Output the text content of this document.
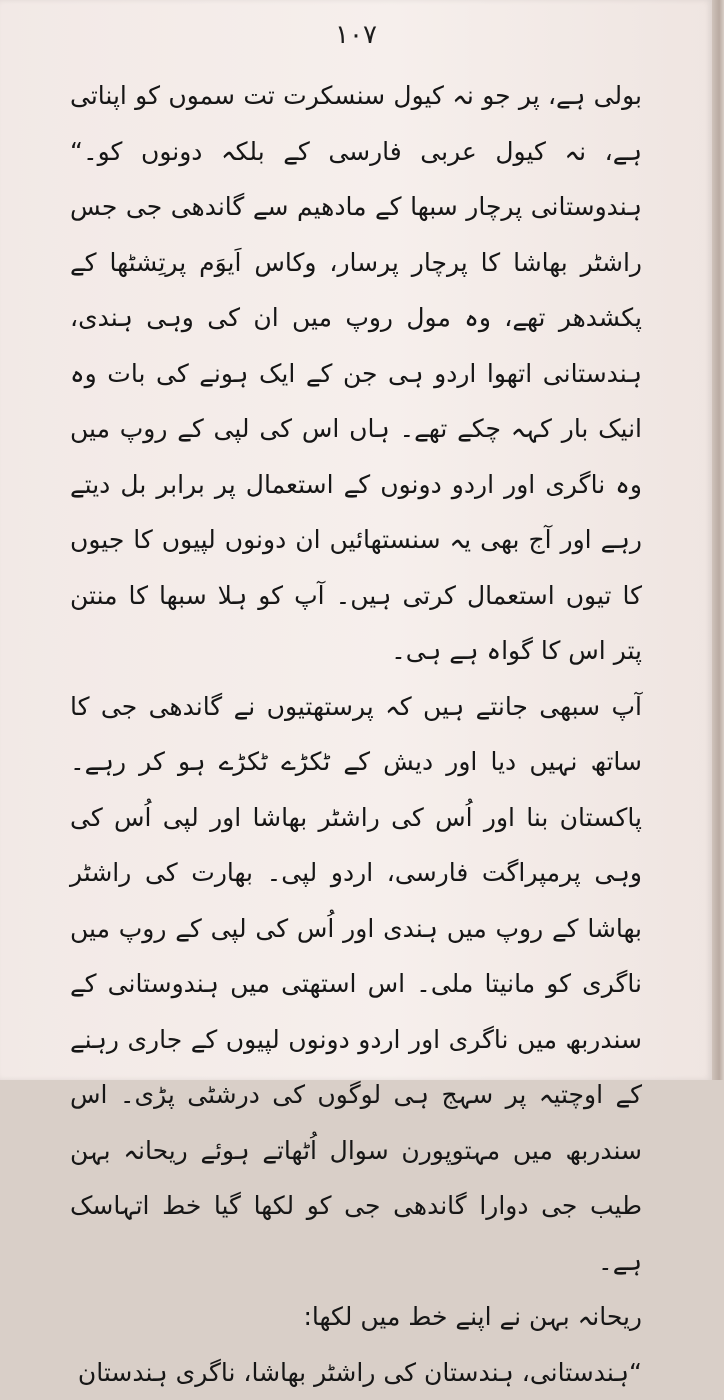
۱۰۷

بولی ہے، پر جو نہ کیول سنسکرت تت سموں کو اپناتی ہے، نہ کیول عربی فارسی کے بلکہ دونوں کو۔“ ہندوستانی پرچار سبھا کے مادھیم سے گاندھی جی جس راشٹر بھاشا کا پرچار پرسار، وکاس اَیوَم پرتِشٹھا کے پکشدھر تھے، وہ مول روپ میں ان کی وہی ہندی، ہندستانی اتھوا اردو ہی جن کے ایک ہونے کی بات وہ انیک بار کہہ چکے تھے۔ ہاں اس کی لپی کے روپ میں وہ ناگری اور اردو دونوں کے استعمال پر برابر بل دیتے رہے اور آج بھی یہ سنستھائیں ان دونوں لپیوں کا جیوں کا تیوں استعمال کرتی ہیں۔ آپ کو ہلا سبھا کا منتن پتر اس کا گواہ ہے ہی۔

آپ سبھی جانتے ہیں کہ پرستھتیوں نے گاندھی جی کا ساتھ نہیں دیا اور دیش کے ٹکڑے ٹکڑے ہو کر رہے۔ پاکستان بنا اور اُس کی راشٹر بھاشا اور لپی اُس کی وہی پرمپراگت فارسی، اردو لپی۔ بھارت کی راشٹر بھاشا کے روپ میں ہندی اور اُس کی لپی کے روپ میں ناگری کو مانیتا ملی۔ اس استھتی میں ہندوستانی کے سندربھ میں ناگری اور اردو دونوں لپیوں کے جاری رہنے کے اوچتیہ پر سہج ہی لوگوں کی درشٹی پڑی۔ اس سندربھ میں مہتوپورن سوال اُٹھاتے ہوئے ریحانہ بہن طیب جی دوارا گاندھی جی کو لکھا گیا خط اتہاسک ہے۔

ریحانہ بہن نے اپنے خط میں لکھا:

“ہندستانی، ہندستان کی راشٹر بھاشا، ناگری ہندستان
